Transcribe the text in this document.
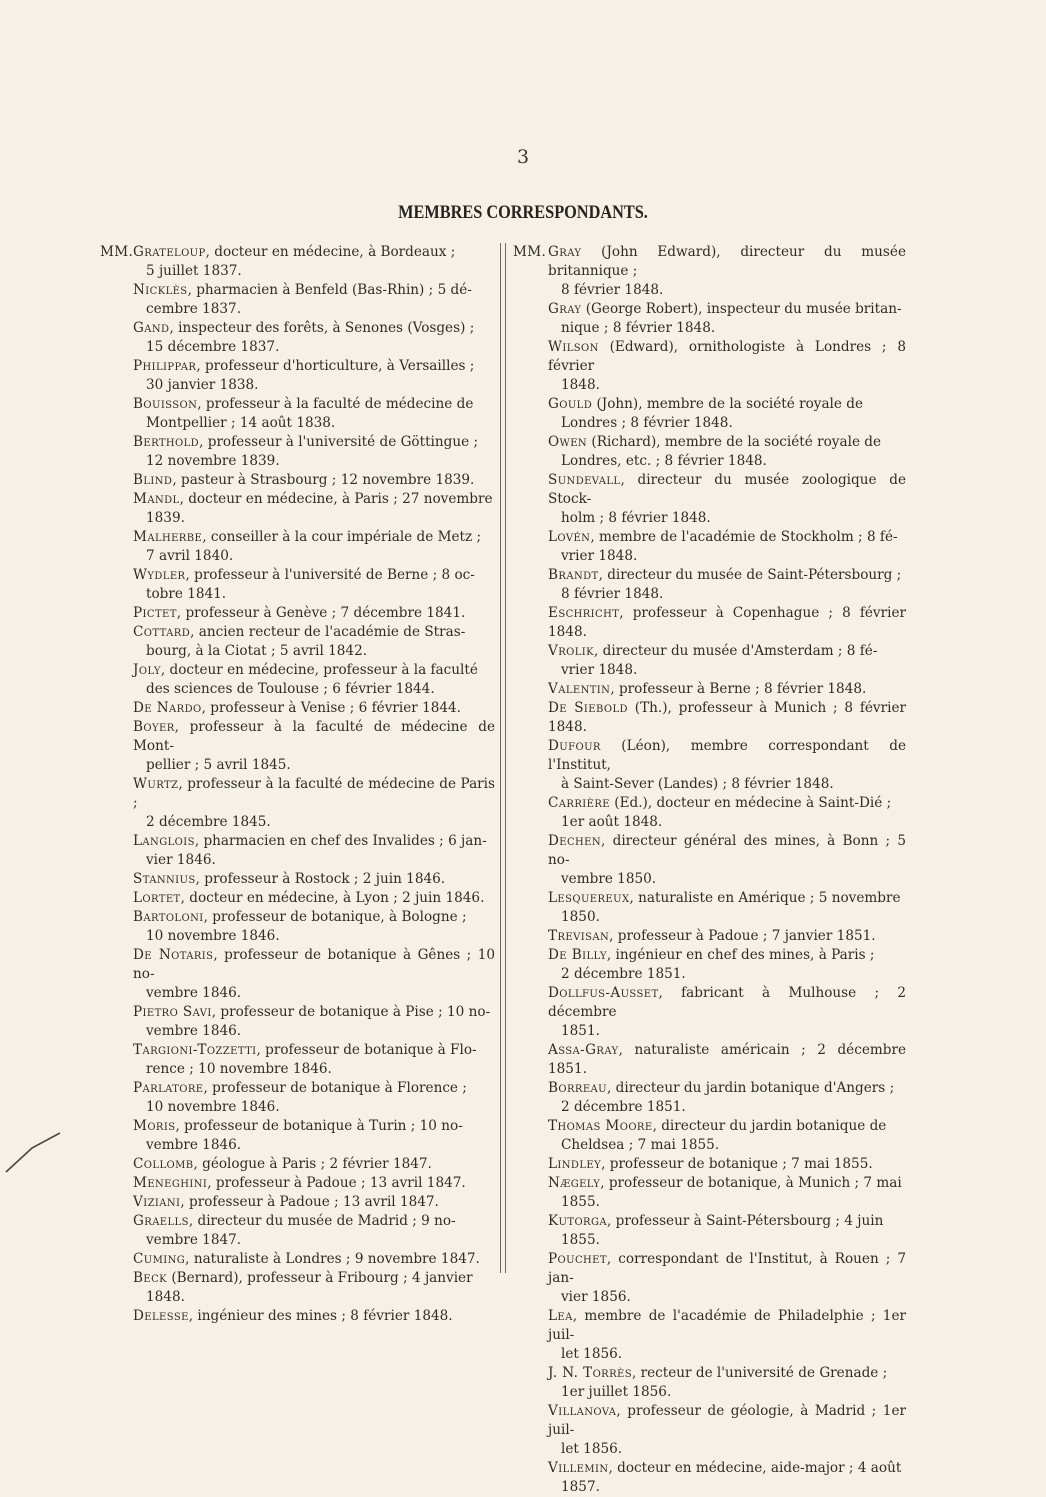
3
MEMBRES CORRESPONDANTS.
MM. Grateloup, docteur en médecine, à Bordeaux ;
5 juillet 1837.
Nicklès, pharmacien à Benfeld (Bas-Rhin) ; 5 dé-
cembre 1837.
Gand, inspecteur des forêts, à Senones (Vosges) ;
15 décembre 1837.
Philippar, professeur d'horticulture, à Versailles ;
30 janvier 1838.
Bouisson, professeur à la faculté de médecine de
Montpellier ; 14 août 1838.
Berthold, professeur à l'université de Göttingue ;
12 novembre 1839.
Blind, pasteur à Strasbourg ; 12 novembre 1839.
Mandl, docteur en médecine, à Paris ; 27 novembre
1839.
Malherbe, conseiller à la cour impériale de Metz ;
7 avril 1840.
Wydler, professeur à l'université de Berne ; 8 oc-
tobre 1841.
Pictet, professeur à Genève ; 7 décembre 1841.
Cottard, ancien recteur de l'académie de Stras-
bourg, à la Ciotat ; 5 avril 1842.
Joly, docteur en médecine, professeur à la faculté
des sciences de Toulouse ; 6 février 1844.
De Nardo, professeur à Venise ; 6 février 1844.
Boyer, professeur à la faculté de médecine de Mont-
pellier ; 5 avril 1845.
Wurtz, professeur à la faculté de médecine de Paris ;
2 décembre 1845.
Langlois, pharmacien en chef des Invalides ; 6 jan-
vier 1846.
Stannius, professeur à Rostock ; 2 juin 1846.
Lortet, docteur en médecine, à Lyon ; 2 juin 1846.
Bartoloni, professeur de botanique, à Bologne ;
10 novembre 1846.
De Notaris, professeur de botanique à Gênes ; 10 no-
vembre 1846.
Pietro Savi, professeur de botanique à Pise ; 10 no-
vembre 1846.
Targioni-Tozzetti, professeur de botanique à Flo-
rence ; 10 novembre 1846.
Parlatore, professeur de botanique à Florence ;
10 novembre 1846.
Moris, professeur de botanique à Turin ; 10 no-
vembre 1846.
Collomb, géologue à Paris ; 2 février 1847.
Meneghini, professeur à Padoue ; 13 avril 1847.
Viziani, professeur à Padoue ; 13 avril 1847.
Graells, directeur du musée de Madrid ; 9 no-
vembre 1847.
Cuming, naturaliste à Londres ; 9 novembre 1847.
Beck (Bernard), professeur à Fribourg ; 4 janvier
1848.
Delesse, ingénieur des mines ; 8 février 1848.
MM. Gray (John Edward), directeur du musée britannique ;
8 février 1848.
Gray (George Robert), inspecteur du musée britan-
nique ; 8 février 1848.
Wilson (Edward), ornithologiste à Londres ; 8 février
1848.
Gould (John), membre de la société royale de
Londres ; 8 février 1848.
Owen (Richard), membre de la société royale de
Londres, etc. ; 8 février 1848.
Sundevall, directeur du musée zoologique de Stock-
holm ; 8 février 1848.
Lovén, membre de l'académie de Stockholm ; 8 fé-
vrier 1848.
Brandt, directeur du musée de Saint-Pétersbourg ;
8 février 1848.
Eschricht, professeur à Copenhague ; 8 février 1848.
Vrolik, directeur du musée d'Amsterdam ; 8 fé-
vrier 1848.
Valentin, professeur à Berne ; 8 février 1848.
De Siebold (Th.), professeur à Munich ; 8 février 1848.
Dufour (Léon), membre correspondant de l'Institut,
à Saint-Sever (Landes) ; 8 février 1848.
Carrière (Ed.), docteur en médecine à Saint-Dié ;
1er août 1848.
Dechen, directeur général des mines, à Bonn ; 5 no-
vembre 1850.
Lesquereux, naturaliste en Amérique ; 5 novembre
1850.
Trevisan, professeur à Padoue ; 7 janvier 1851.
De Billy, ingénieur en chef des mines, à Paris ;
2 décembre 1851.
Dollfus-Ausset, fabricant à Mulhouse ; 2 décembre
1851.
Assa-Gray, naturaliste américain ; 2 décembre 1851.
Borreau, directeur du jardin botanique d'Angers ;
2 décembre 1851.
Thomas Moore, directeur du jardin botanique de
Cheldsea ; 7 mai 1855.
Lindley, professeur de botanique ; 7 mai 1855.
Nægely, professeur de botanique, à Munich ; 7 mai
1855.
Kutorga, professeur à Saint-Pétersbourg ; 4 juin
1855.
Pouchet, correspondant de l'Institut, à Rouen ; 7 jan-
vier 1856.
Lea, membre de l'académie de Philadelphie ; 1er juil-
let 1856.
J. N. Torrès, recteur de l'université de Grenade ;
1er juillet 1856.
Villanova, professeur de géologie, à Madrid ; 1er juil-
let 1856.
Villemin, docteur en médecine, aide-major ; 4 août
1857.
